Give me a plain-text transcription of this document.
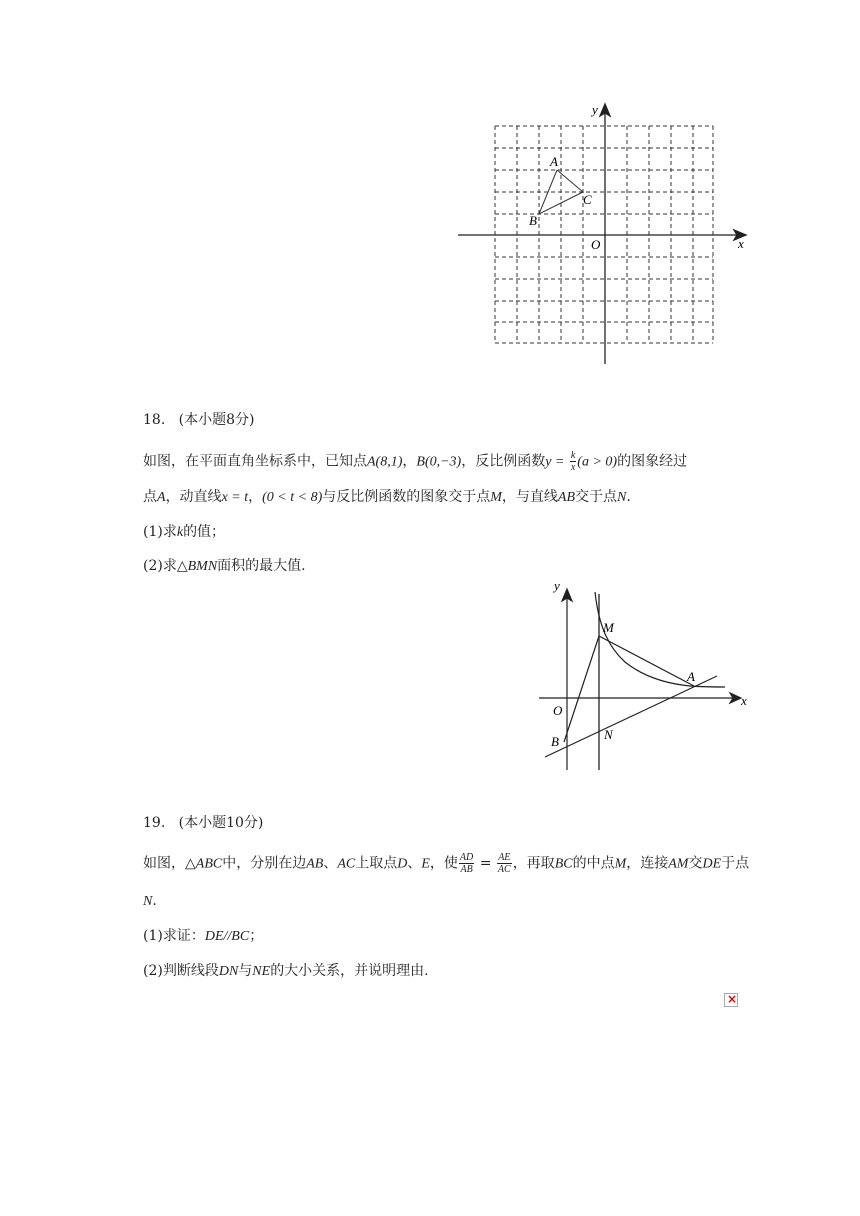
y
x
O
A
B
C
18. (本小题8分)
如图，在平面直角坐标系中，已知点A(8,1)，B(0,−3)，反比例函数$y = \frac{k}{x} (a > 0)$的图象经过
点A，动直线x = t，(0 < t < 8)与反比例函数的图象交于点M，与直线AB交于点N.
(1)求k的值；
(2)求△BMN面积的最大值.
y
x
O
M
A
B	N
19. (本小题10分)
如图，△ABC中，分别在边AB、AC上取点D、E，使 $\frac{AD}{AB} = \frac{AE}{AC}$ ，再取BC的中点M，连接AM交DE于点
N.
(1)求证：DE//BC；
(2)判断线段DN与NE的大小关系，并说明理由.
×
